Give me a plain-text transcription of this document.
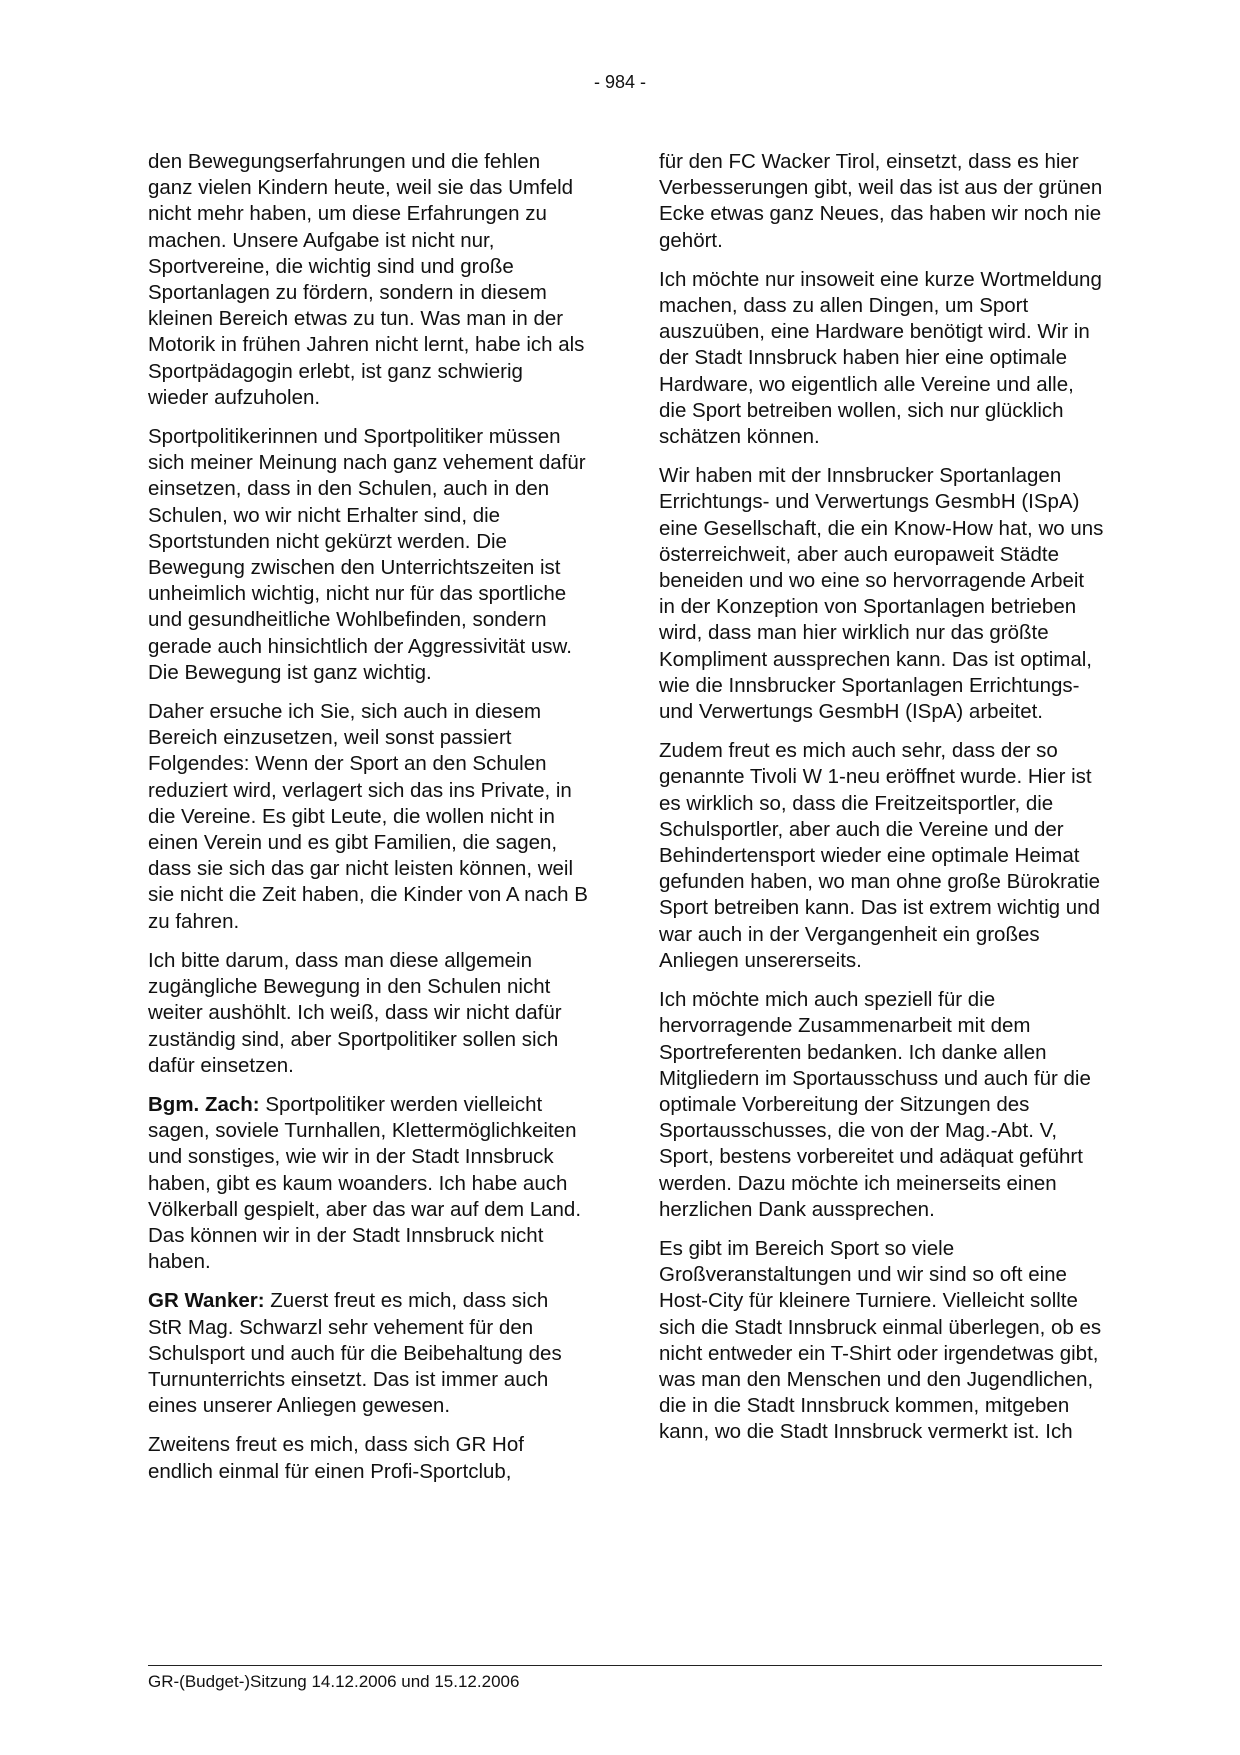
- 984 -

den Bewegungserfahrungen und die fehlen ganz vielen Kindern heute, weil sie das Umfeld nicht mehr haben, um diese Erfahrungen zu machen. Unsere Aufgabe ist nicht nur, Sportvereine, die wichtig sind und große Sportanlagen zu fördern, sondern in diesem kleinen Bereich etwas zu tun. Was man in der Motorik in frühen Jahren nicht lernt, habe ich als Sportpädagogin erlebt, ist ganz schwierig wieder aufzuholen.

Sportpolitikerinnen und Sportpolitiker müssen sich meiner Meinung nach ganz vehement dafür einsetzen, dass in den Schulen, auch in den Schulen, wo wir nicht Erhalter sind, die Sportstunden nicht gekürzt werden. Die Bewegung zwischen den Unterrichtszeiten ist unheimlich wichtig, nicht nur für das sportliche und gesundheitliche Wohlbefinden, sondern gerade auch hinsichtlich der Aggressivität usw. Die Bewegung ist ganz wichtig.

Daher ersuche ich Sie, sich auch in diesem Bereich einzusetzen, weil sonst passiert Folgendes: Wenn der Sport an den Schulen reduziert wird, verlagert sich das ins Private, in die Vereine. Es gibt Leute, die wollen nicht in einen Verein und es gibt Familien, die sagen, dass sie sich das gar nicht leisten können, weil sie nicht die Zeit haben, die Kinder von A nach B zu fahren.

Ich bitte darum, dass man diese allgemein zugängliche Bewegung in den Schulen nicht weiter aushöhlt. Ich weiß, dass wir nicht dafür zuständig sind, aber Sportpolitiker sollen sich dafür einsetzen.

Bgm. Zach: Sportpolitiker werden vielleicht sagen, soviele Turnhallen, Klettermöglichkeiten und sonstiges, wie wir in der Stadt Innsbruck haben, gibt es kaum woanders. Ich habe auch Völkerball gespielt, aber das war auf dem Land. Das können wir in der Stadt Innsbruck nicht haben.

GR Wanker: Zuerst freut es mich, dass sich StR Mag. Schwarzl sehr vehement für den Schulsport und auch für die Beibehaltung des Turnunterrichts einsetzt. Das ist immer auch eines unserer Anliegen gewesen.

Zweitens freut es mich, dass sich GR Hof endlich einmal für einen Profi-Sportclub,

für den FC Wacker Tirol, einsetzt, dass es hier Verbesserungen gibt, weil das ist aus der grünen Ecke etwas ganz Neues, das haben wir noch nie gehört.

Ich möchte nur insoweit eine kurze Wortmeldung machen, dass zu allen Dingen, um Sport auszuüben, eine Hardware benötigt wird. Wir in der Stadt Innsbruck haben hier eine optimale Hardware, wo eigentlich alle Vereine und alle, die Sport betreiben wollen, sich nur glücklich schätzen können.

Wir haben mit der Innsbrucker Sportanlagen Errichtungs- und Verwertungs GesmbH (ISpA) eine Gesellschaft, die ein Know-How hat, wo uns österreichweit, aber auch europaweit Städte beneiden und wo eine so hervorragende Arbeit in der Konzeption von Sportanlagen betrieben wird, dass man hier wirklich nur das größte Kompliment aussprechen kann. Das ist optimal, wie die Innsbrucker Sportanlagen Errichtungs- und Verwertungs GesmbH (ISpA) arbeitet.

Zudem freut es mich auch sehr, dass der so genannte Tivoli W 1-neu eröffnet wurde. Hier ist es wirklich so, dass die Freitzeitsportler, die Schulsportler, aber auch die Vereine und der Behindertensport wieder eine optimale Heimat gefunden haben, wo man ohne große Bürokratie Sport betreiben kann. Das ist extrem wichtig und war auch in der Vergangenheit ein großes Anliegen unsererseits.

Ich möchte mich auch speziell für die hervorragende Zusammenarbeit mit dem Sportreferenten bedanken. Ich danke allen Mitgliedern im Sportausschuss und auch für die optimale Vorbereitung der Sitzungen des Sportausschusses, die von der Mag.-Abt. V, Sport, bestens vorbereitet und adäquat geführt werden. Dazu möchte ich meinerseits einen herzlichen Dank aussprechen.

Es gibt im Bereich Sport so viele Großveranstaltungen und wir sind so oft eine Host-City für kleinere Turniere. Vielleicht sollte sich die Stadt Innsbruck einmal überlegen, ob es nicht entweder ein T-Shirt oder irgendetwas gibt, was man den Menschen und den Jugendlichen, die in die Stadt Innsbruck kommen, mitgeben kann, wo die Stadt Innsbruck vermerkt ist. Ich

GR-(Budget-)Sitzung 14.12.2006 und 15.12.2006
